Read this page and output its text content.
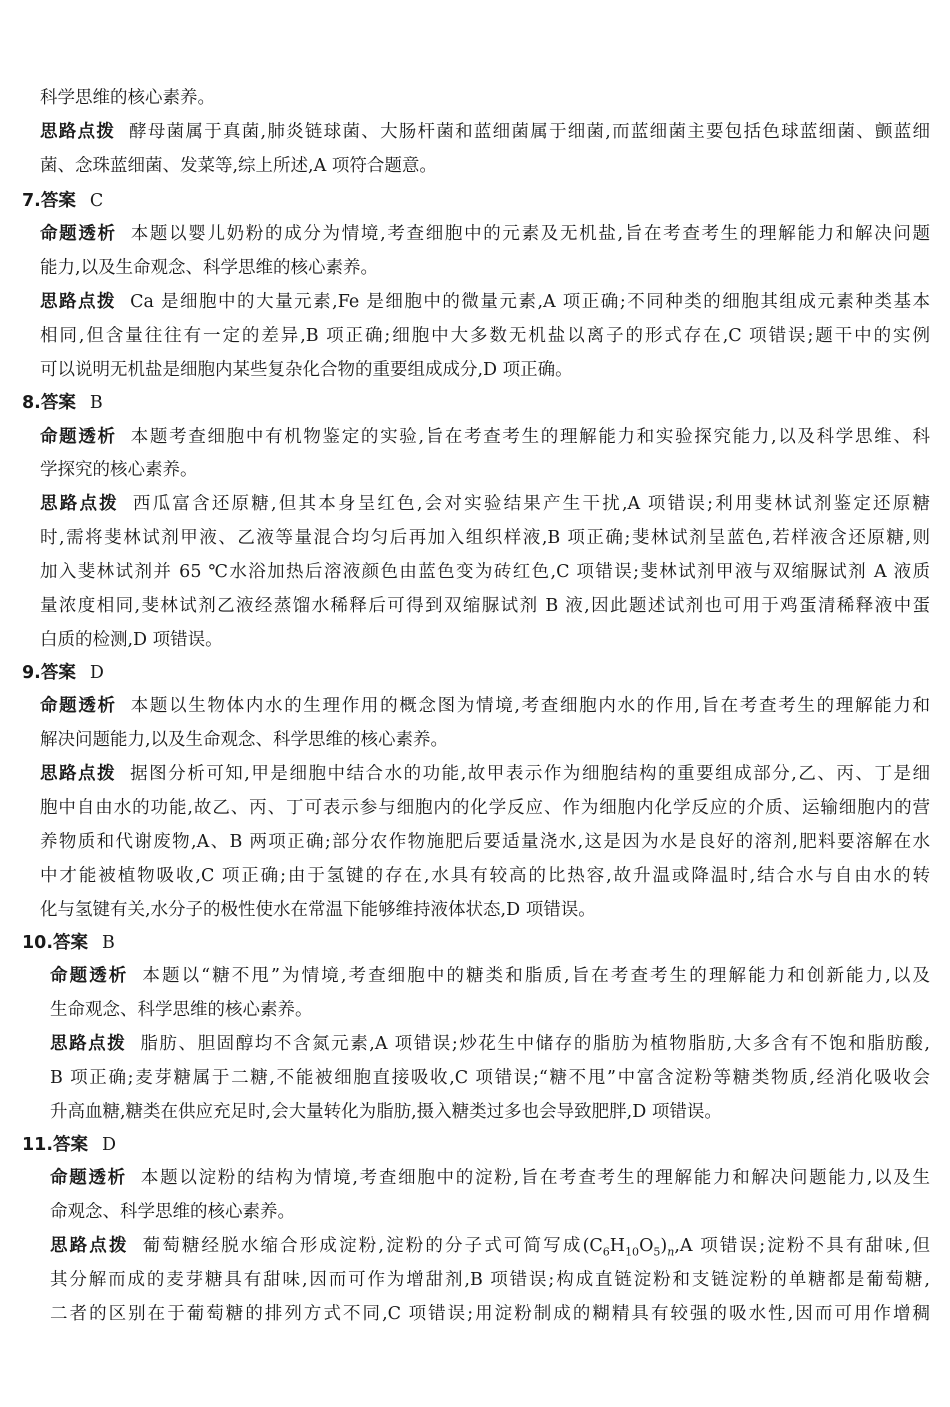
科学思维的核心素养。
思路点拨 酵母菌属于真菌,肺炎链球菌、大肠杆菌和蓝细菌属于细菌,而蓝细菌主要包括色球蓝细菌、颤蓝细
菌、念珠蓝细菌、发菜等,综上所述,A 项符合题意。
7.答案 C
命题透析 本题以婴儿奶粉的成分为情境,考查细胞中的元素及无机盐,旨在考查考生的理解能力和解决问题
能力,以及生命观念、科学思维的核心素养。
思路点拨 Ca 是细胞中的大量元素,Fe 是细胞中的微量元素,A 项正确;不同种类的细胞其组成元素种类基本
相同,但含量往往有一定的差异,B 项正确;细胞中大多数无机盐以离子的形式存在,C 项错误;题干中的实例
可以说明无机盐是细胞内某些复杂化合物的重要组成成分,D 项正确。
8.答案 B
命题透析 本题考查细胞中有机物鉴定的实验,旨在考查考生的理解能力和实验探究能力,以及科学思维、科
学探究的核心素养。
思路点拨 西瓜富含还原糖,但其本身呈红色,会对实验结果产生干扰,A 项错误;利用斐林试剂鉴定还原糖
时,需将斐林试剂甲液、乙液等量混合均匀后再加入组织样液,B 项正确;斐林试剂呈蓝色,若样液含还原糖,则
加入斐林试剂并 65 ℃水浴加热后溶液颜色由蓝色变为砖红色,C 项错误;斐林试剂甲液与双缩脲试剂 A 液质
量浓度相同,斐林试剂乙液经蒸馏水稀释后可得到双缩脲试剂 B 液,因此题述试剂也可用于鸡蛋清稀释液中蛋
白质的检测,D 项错误。
9.答案 D
命题透析 本题以生物体内水的生理作用的概念图为情境,考查细胞内水的作用,旨在考查考生的理解能力和
解决问题能力,以及生命观念、科学思维的核心素养。
思路点拨 据图分析可知,甲是细胞中结合水的功能,故甲表示作为细胞结构的重要组成部分,乙、丙、丁是细
胞中自由水的功能,故乙、丙、丁可表示参与细胞内的化学反应、作为细胞内化学反应的介质、运输细胞内的营
养物质和代谢废物,A、B 两项正确;部分农作物施肥后要适量浇水,这是因为水是良好的溶剂,肥料要溶解在水
中才能被植物吸收,C 项正确;由于氢键的存在,水具有较高的比热容,故升温或降温时,结合水与自由水的转
化与氢键有关,水分子的极性使水在常温下能够维持液体状态,D 项错误。
10.答案 B
命题透析 本题以“糖不甩”为情境,考查细胞中的糖类和脂质,旨在考查考生的理解能力和创新能力,以及
生命观念、科学思维的核心素养。
思路点拨 脂肪、胆固醇均不含氮元素,A 项错误;炒花生中储存的脂肪为植物脂肪,大多含有不饱和脂肪酸,
B 项正确;麦芽糖属于二糖,不能被细胞直接吸收,C 项错误;“糖不甩”中富含淀粉等糖类物质,经消化吸收会
升高血糖,糖类在供应充足时,会大量转化为脂肪,摄入糖类过多也会导致肥胖,D 项错误。
11.答案 D
命题透析 本题以淀粉的结构为情境,考查细胞中的淀粉,旨在考查考生的理解能力和解决问题能力,以及生
命观念、科学思维的核心素养。
思路点拨 葡萄糖经脱水缩合形成淀粉,淀粉的分子式可简写成$(C_6H_{10}O_5)_n,A$ 项错误;淀粉不具有甜味,但
其分解而成的麦芽糖具有甜味,因而可作为增甜剂,B 项错误;构成直链淀粉和支链淀粉的单糖都是葡萄糖,
二者的区别在于葡萄糖的排列方式不同,C 项错误;用淀粉制成的糊精具有较强的吸水性,因而可用作增稠
